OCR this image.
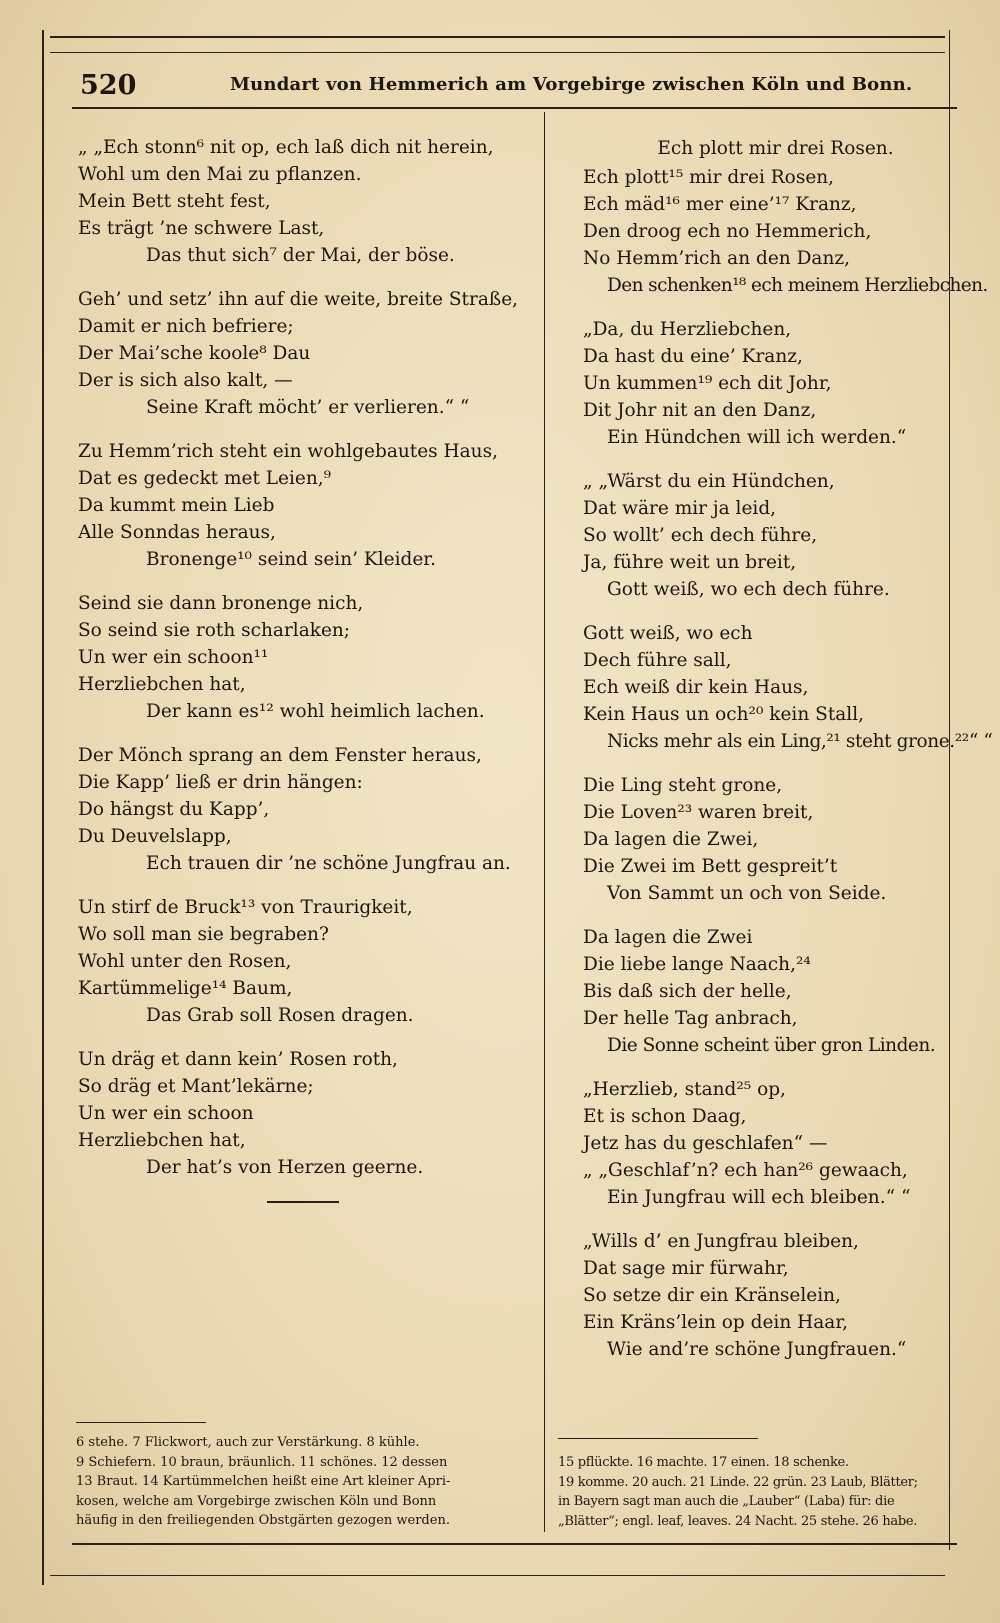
520	Mundart von Hemmerich am Vorgebirge zwischen Köln und Bonn.
„ „Ech stonn⁶ nit op, ech laß dich nit herein,
Wohl um den Mai zu pflanzen.
Mein Bett steht fest,
Es trägt ’ne schwere Last,
Das thut sich⁷ der Mai, der böse.
Geh’ und setz’ ihn auf die weite, breite Straße,
Damit er nich befriere;
Der Mai’sche koole⁸ Dau
Der is sich also kalt, —
Seine Kraft möcht’ er verlieren.“ “
Zu Hemm’rich steht ein wohlgebautes Haus,
Dat es gedeckt met Leien,⁹
Da kummt mein Lieb
Alle Sonndas heraus,
Bronenge¹⁰ seind sein’ Kleider.
Seind sie dann bronenge nich,
So seind sie roth scharlaken;
Un wer ein schoon¹¹
Herzliebchen hat,
Der kann es¹² wohl heimlich lachen.
Der Mönch sprang an dem Fenster heraus,
Die Kapp’ ließ er drin hängen:
Do hängst du Kapp’,
Du Deuvelslapp,
Ech trauen dir ’ne schöne Jungfrau an.
Un stirf de Bruck¹³ von Traurigkeit,
Wo soll man sie begraben?
Wohl unter den Rosen,
Kartümmelige¹⁴ Baum,
Das Grab soll Rosen dragen.
Un dräg et dann kein’ Rosen roth,
So dräg et Mant’lekärne;
Un wer ein schoon
Herzliebchen hat,
Der hat’s von Herzen geerne.
Ech plott mir drei Rosen.
Ech plott¹⁵ mir drei Rosen,
Ech mäd¹⁶ mer eine’¹⁷ Kranz,
Den droog ech no Hemmerich,
No Hemm’rich an den Danz,
Den schenken¹⁸ ech meinem Herzliebchen.
„Da, du Herzliebchen,
Da hast du eine’ Kranz,
Un kummen¹⁹ ech dit Johr,
Dit Johr nit an den Danz,
Ein Hündchen will ich werden.“
„ „Wärst du ein Hündchen,
Dat wäre mir ja leid,
So wollt’ ech dech führe,
Ja, führe weit un breit,
Gott weiß, wo ech dech führe.
Gott weiß, wo ech
Dech führe sall,
Ech weiß dir kein Haus,
Kein Haus un och²⁰ kein Stall,
Nicks mehr als ein Ling,²¹ steht grone.²²“ “
Die Ling steht grone,
Die Loven²³ waren breit,
Da lagen die Zwei,
Die Zwei im Bett gespreit’t
Von Sammt un och von Seide.
Da lagen die Zwei
Die liebe lange Naach,²⁴
Bis daß sich der helle,
Der helle Tag anbrach,
Die Sonne scheint über gron Linden.
„Herzlieb, stand²⁵ op,
Et is schon Daag,
Jetz has du geschlafen“ —
„ „Geschlaf’n? ech han²⁶ gewaach,
Ein Jungfrau will ech bleiben.“ “
„Wills d’ en Jungfrau bleiben,
Dat sage mir fürwahr,
So setze dir ein Kränselein,
Ein Kräns’lein op dein Haar,
Wie and’re schöne Jungfrauen.“
6 stehe. 7 Flickwort, auch zur Verstärkung. 8 kühle.
9 Schiefern. 10 braun, bräunlich. 11 schönes. 12 dessen
13 Braut. 14 Kartümmelchen heißt eine Art kleiner Apri-
kosen, welche am Vorgebirge zwischen Köln und Bonn
häufig in den freiliegenden Obstgärten gezogen werden.
15 pflückte. 16 machte. 17 einen. 18 schenke.
19 komme. 20 auch. 21 Linde. 22 grün. 23 Laub, Blätter;
in Bayern sagt man auch die „Lauber“ (Laba) für: die
„Blätter“; engl. leaf, leaves. 24 Nacht. 25 stehe. 26 habe.
